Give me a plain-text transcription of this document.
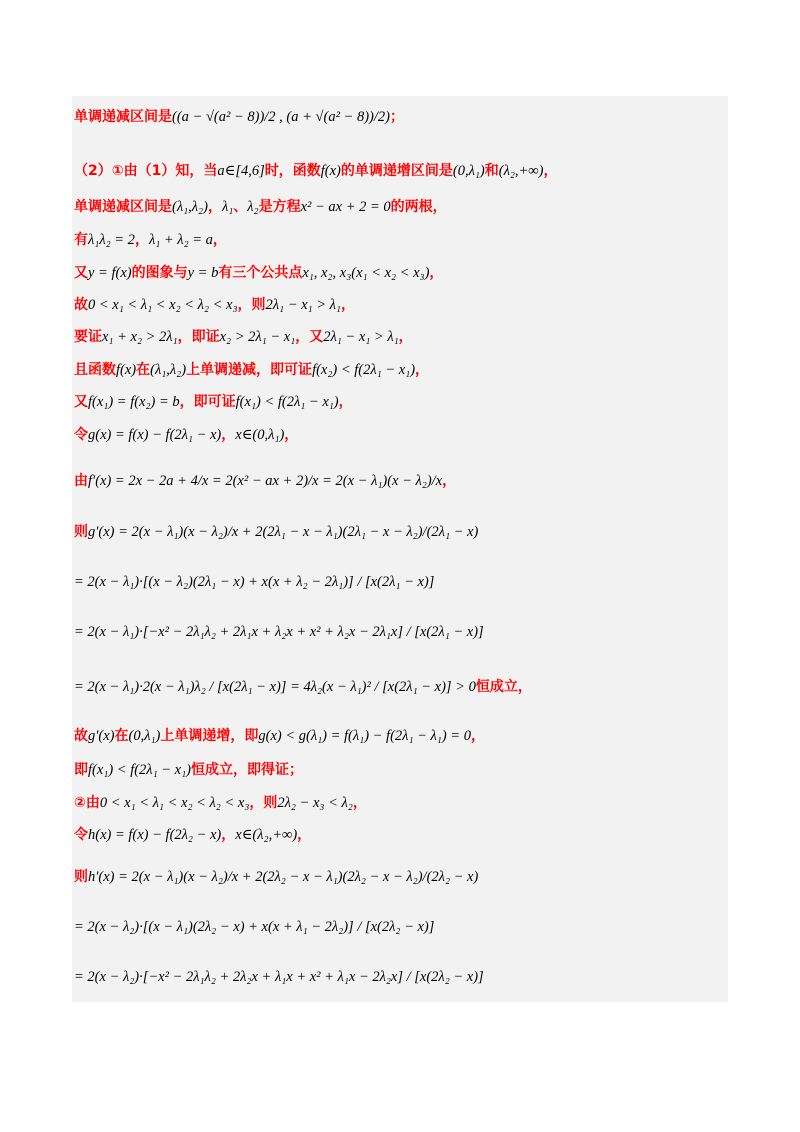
单调递减区间是((a − √(a² − 8))/2 , (a + √(a² − 8))/2)；
（2）①由（1）知，当a∈[4,6]时，函数f(x)的单调递增区间是(0,λ₁)和(λ₂,+∞)，
单调递减区间是(λ₁,λ₂)，λ₁、λ₂是方程x² − ax + 2 = 0的两根，
有λ₁λ₂ = 2，λ₁ + λ₂ = a，
又y = f(x)的图象与y = b有三个公共点x₁, x₂, x₃(x₁ < x₂ < x₃)，
故0 < x₁ < λ₁ < x₂ < λ₂ < x₃，则2λ₁ − x₁ > λ₁，
要证x₁ + x₂ > 2λ₁，即证x₂ > 2λ₁ − x₁，又2λ₁ − x₁ > λ₁，
且函数f(x)在(λ₁,λ₂)上单调递减，即可证f(x₂) < f(2λ₁ − x₁)，
又f(x₁) = f(x₂) = b，即可证f(x₁) < f(2λ₁ − x₁)，
令g(x) = f(x) − f(2λ₁ − x)，x∈(0,λ₁)，
由f′(x) = 2x − 2a + 4/x = 2(x² − ax + 2)/x = 2(x − λ₁)(x − λ₂)/x，
则g′(x) = 2(x − λ₁)(x − λ₂)/x + 2(2λ₁ − x − λ₁)(2λ₁ − x − λ₂)/(2λ₁ − x)
= 2(x − λ₁)·[(x − λ₂)(2λ₁ − x) + x(x + λ₂ − 2λ₁)] / [x(2λ₁ − x)]
= 2(x − λ₁)·[−x² − 2λ₁λ₂ + 2λ₁x + λ₂x + x² + λ₂x − 2λ₁x] / [x(2λ₁ − x)]
= 2(x − λ₁)·2(x − λ₁)λ₂ / [x(2λ₁ − x)] = 4λ₂(x − λ₁)² / [x(2λ₁ − x)] > 0恒成立，
故g′(x)在(0,λ₁)上单调递增，即g(x) < g(λ₁) = f(λ₁) − f(2λ₁ − λ₁) = 0，
即f(x₁) < f(2λ₁ − x₁)恒成立，即得证；
②由0 < x₁ < λ₁ < x₂ < λ₂ < x₃，则2λ₂ − x₃ < λ₂，
令h(x) = f(x) − f(2λ₂ − x)，x∈(λ₂,+∞)，
则h′(x) = 2(x − λ₁)(x − λ₂)/x + 2(2λ₂ − x − λ₁)(2λ₂ − x − λ₂)/(2λ₂ − x)
= 2(x − λ₂)·[(x − λ₁)(2λ₂ − x) + x(x + λ₁ − 2λ₂)] / [x(2λ₂ − x)]
= 2(x − λ₂)·[−x² − 2λ₁λ₂ + 2λ₂x + λ₁x + x² + λ₁x − 2λ₂x] / [x(2λ₂ − x)]
